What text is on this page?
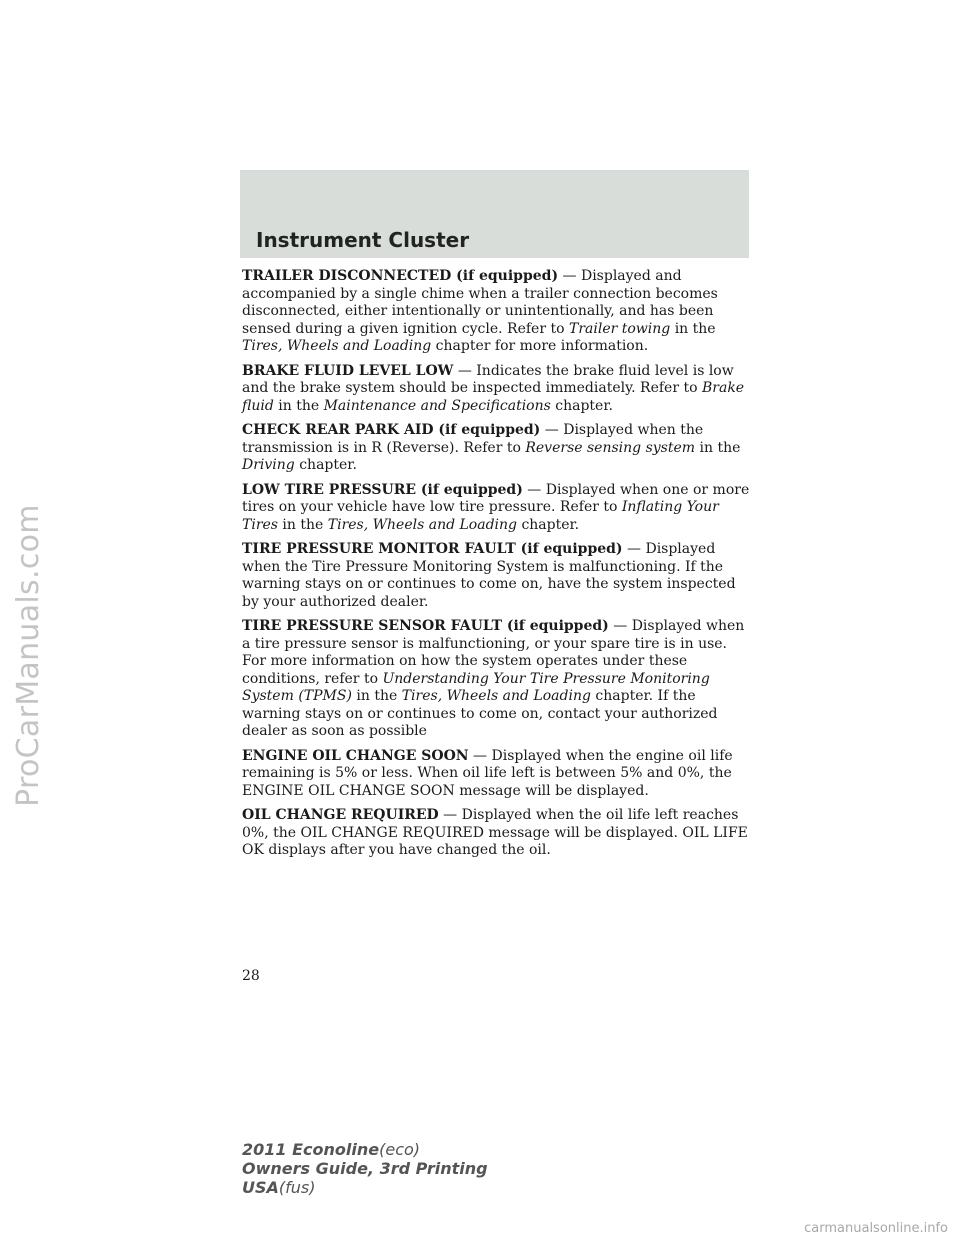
ProCarManuals.com
Instrument Cluster

TRAILER DISCONNECTED (if equipped) — Displayed and accompanied by a single chime when a trailer connection becomes disconnected, either intentionally or unintentionally, and has been sensed during a given ignition cycle. Refer to Trailer towing in the Tires, Wheels and Loading chapter for more information.

BRAKE FLUID LEVEL LOW — Indicates the brake fluid level is low and the brake system should be inspected immediately. Refer to Brake fluid in the Maintenance and Specifications chapter.

CHECK REAR PARK AID (if equipped) — Displayed when the transmission is in R (Reverse). Refer to Reverse sensing system in the Driving chapter.

LOW TIRE PRESSURE (if equipped) — Displayed when one or more tires on your vehicle have low tire pressure. Refer to Inflating Your Tires in the Tires, Wheels and Loading chapter.

TIRE PRESSURE MONITOR FAULT (if equipped) — Displayed when the Tire Pressure Monitoring System is malfunctioning. If the warning stays on or continues to come on, have the system inspected by your authorized dealer.

TIRE PRESSURE SENSOR FAULT (if equipped) — Displayed when a tire pressure sensor is malfunctioning, or your spare tire is in use. For more information on how the system operates under these conditions, refer to Understanding Your Tire Pressure Monitoring System (TPMS) in the Tires, Wheels and Loading chapter. If the warning stays on or continues to come on, contact your authorized dealer as soon as possible

ENGINE OIL CHANGE SOON — Displayed when the engine oil life remaining is 5% or less. When oil life left is between 5% and 0%, the ENGINE OIL CHANGE SOON message will be displayed.

OIL CHANGE REQUIRED — Displayed when the oil life left reaches 0%, the OIL CHANGE REQUIRED message will be displayed. OIL LIFE OK displays after you have changed the oil.

28
2011 Econoline(eco)
Owners Guide, 3rd Printing
USA(fus)
carmanualsonline.info
